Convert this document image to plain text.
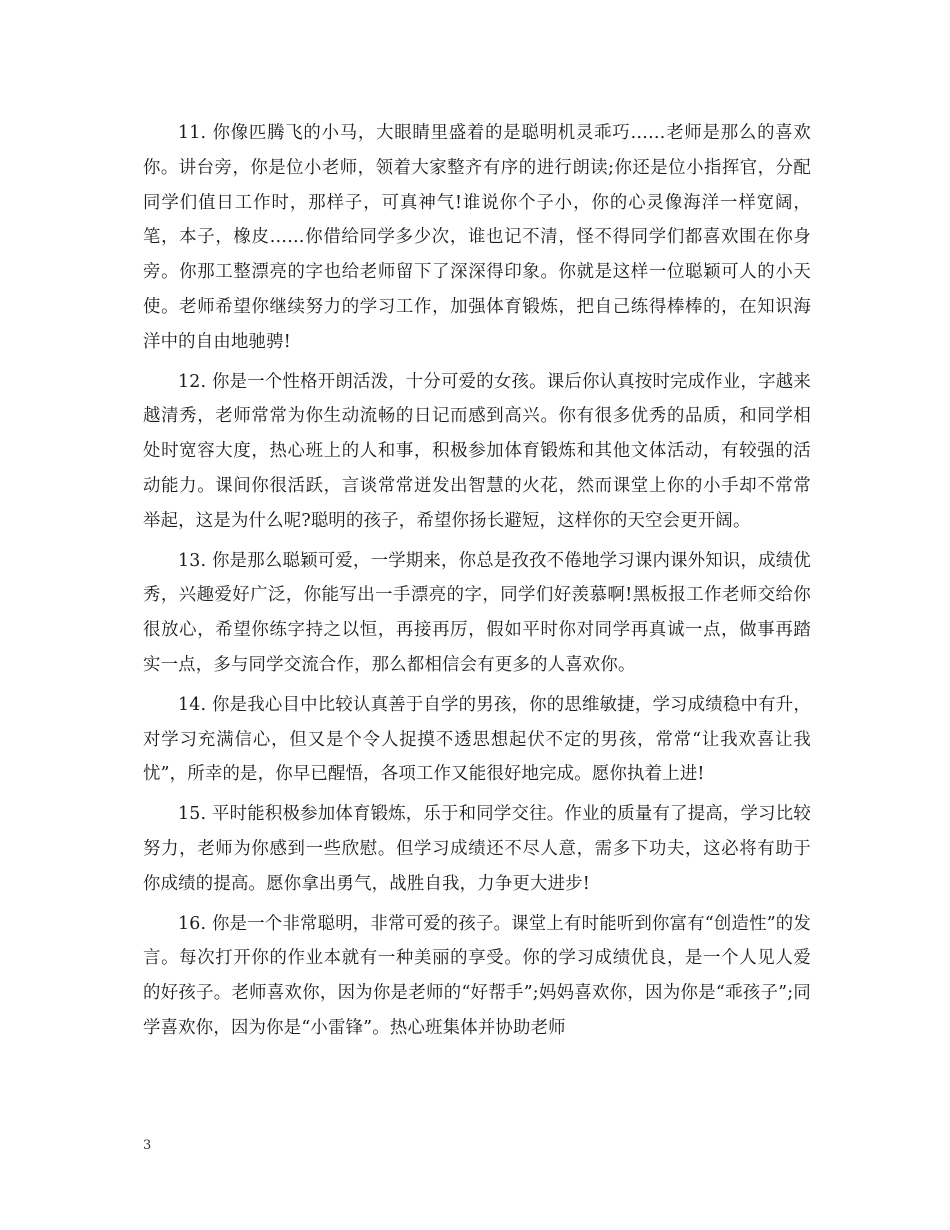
11. 你像匹腾飞的小马，大眼睛里盛着的是聪明机灵乖巧……老师是那么的喜欢你。讲台旁，你是位小老师，领着大家整齐有序的进行朗读;你还是位小指挥官，分配同学们值日工作时，那样子，可真神气!谁说你个子小，你的心灵像海洋一样宽阔，笔，本子，橡皮……你借给同学多少次，谁也记不清，怪不得同学们都喜欢围在你身旁。你那工整漂亮的字也给老师留下了深深得印象。你就是这样一位聪颖可人的小天使。老师希望你继续努力的学习工作，加强体育锻炼，把自己练得棒棒的，在知识海洋中的自由地驰骋!

12. 你是一个性格开朗活泼，十分可爱的女孩。课后你认真按时完成作业，字越来越清秀，老师常常为你生动流畅的日记而感到高兴。你有很多优秀的品质，和同学相处时宽容大度，热心班上的人和事，积极参加体育锻炼和其他文体活动，有较强的活动能力。课间你很活跃，言谈常常迸发出智慧的火花，然而课堂上你的小手却不常常举起，这是为什么呢?聪明的孩子，希望你扬长避短，这样你的天空会更开阔。

13. 你是那么聪颖可爱，一学期来，你总是孜孜不倦地学习课内课外知识，成绩优秀，兴趣爱好广泛，你能写出一手漂亮的字，同学们好羡慕啊!黑板报工作老师交给你很放心，希望你练字持之以恒，再接再厉，假如平时你对同学再真诚一点，做事再踏实一点，多与同学交流合作，那么都相信会有更多的人喜欢你。

14. 你是我心目中比较认真善于自学的男孩，你的思维敏捷，学习成绩稳中有升，对学习充满信心，但又是个令人捉摸不透思想起伏不定的男孩，常常“让我欢喜让我忧”，所幸的是，你早已醒悟，各项工作又能很好地完成。愿你执着上进!

15. 平时能积极参加体育锻炼，乐于和同学交往。作业的质量有了提高，学习比较努力，老师为你感到一些欣慰。但学习成绩还不尽人意，需多下功夫，这必将有助于你成绩的提高。愿你拿出勇气，战胜自我，力争更大进步!

16. 你是一个非常聪明，非常可爱的孩子。课堂上有时能听到你富有“创造性”的发言。每次打开你的作业本就有一种美丽的享受。你的学习成绩优良，是一个人见人爱的好孩子。老师喜欢你，因为你是老师的“好帮手”;妈妈喜欢你，因为你是“乖孩子”;同学喜欢你，因为你是“小雷锋”。热心班集体并协助老师

3
